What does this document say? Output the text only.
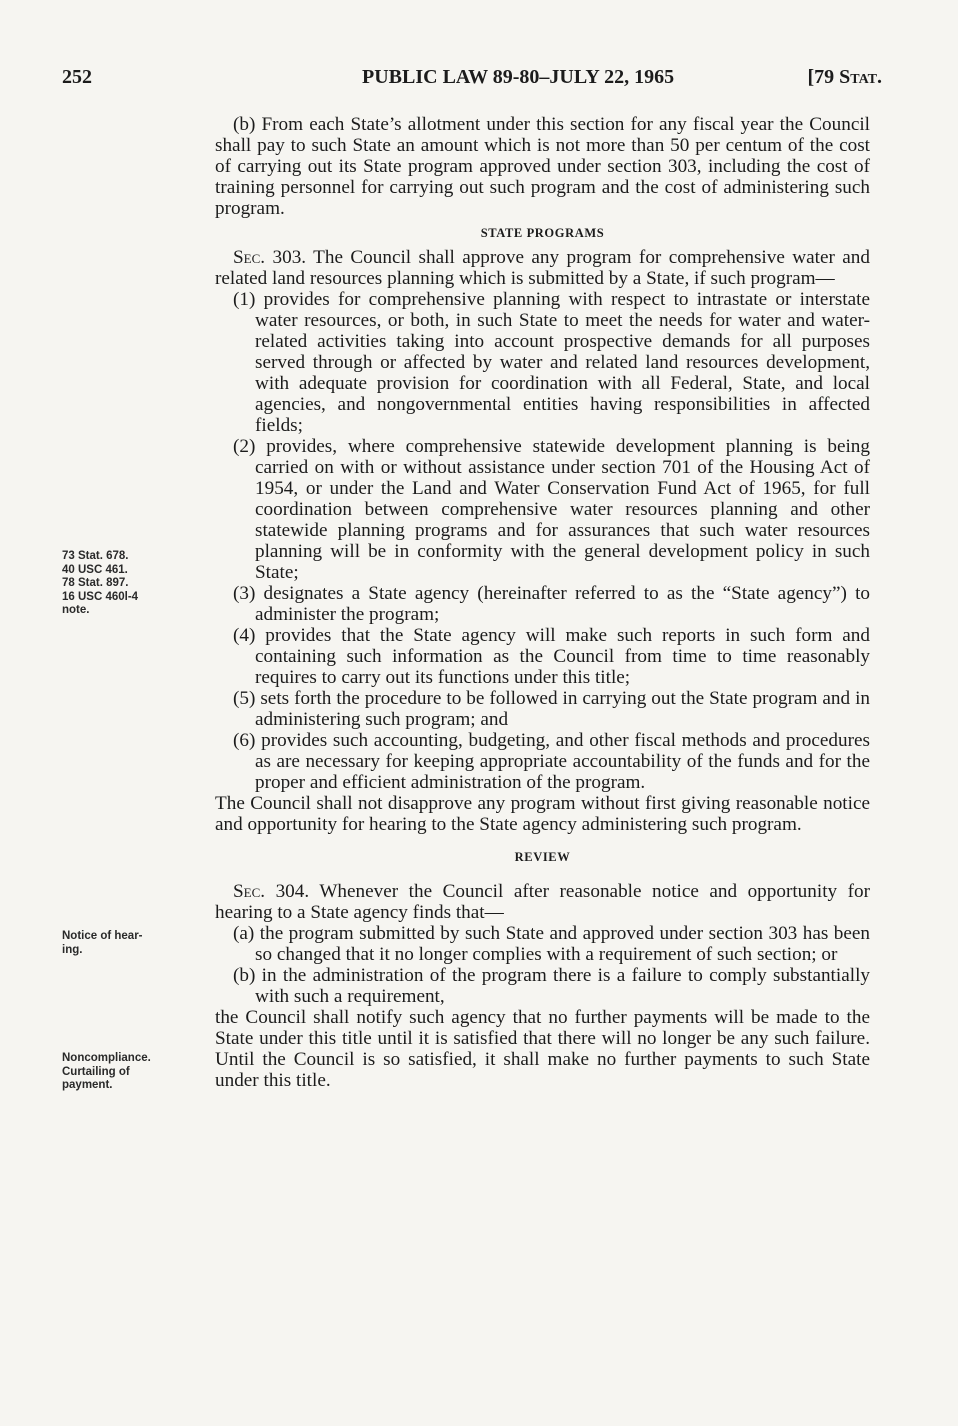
252	PUBLIC LAW 89-80–JULY 22, 1965	[79 Stat.
73 Stat. 678.
40 USC 461.
78 Stat. 897.
16 USC 460l-4
note.
Notice of hear-
ing.
Noncompliance.
Curtailing of
payment.

(b) From each State’s allotment under this section for any fiscal year the Council shall pay to such State an amount which is not more than 50 per centum of the cost of carrying out its State program approved under section 303, including the cost of training personnel for carrying out such program and the cost of administering such program.

STATE PROGRAMS

Sec. 303. The Council shall approve any program for comprehensive water and related land resources planning which is submitted by a State, if such program—

(1) provides for comprehensive planning with respect to intrastate or interstate water resources, or both, in such State to meet the needs for water and water-related activities taking into account prospective demands for all purposes served through or affected by water and related land resources development, with adequate provision for coordination with all Federal, State, and local agencies, and nongovernmental entities having responsibilities in affected fields;

(2) provides, where comprehensive statewide development planning is being carried on with or without assistance under section 701 of the Housing Act of 1954, or under the Land and Water Conservation Fund Act of 1965, for full coordination between comprehensive water resources planning and other statewide planning programs and for assurances that such water resources planning will be in conformity with the general development policy in such State;

(3) designates a State agency (hereinafter referred to as the “State agency”) to administer the program;

(4) provides that the State agency will make such reports in such form and containing such information as the Council from time to time reasonably requires to carry out its functions under this title;

(5) sets forth the procedure to be followed in carrying out the State program and in administering such program; and

(6) provides such accounting, budgeting, and other fiscal methods and procedures as are necessary for keeping appropriate accountability of the funds and for the proper and efficient administration of the program.

The Council shall not disapprove any program without first giving reasonable notice and opportunity for hearing to the State agency administering such program.

REVIEW

Sec. 304. Whenever the Council after reasonable notice and opportunity for hearing to a State agency finds that—

(a) the program submitted by such State and approved under section 303 has been so changed that it no longer complies with a requirement of such section; or

(b) in the administration of the program there is a failure to comply substantially with such a requirement,

the Council shall notify such agency that no further payments will be made to the State under this title until it is satisfied that there will no longer be any such failure. Until the Council is so satisfied, it shall make no further payments to such State under this title.
